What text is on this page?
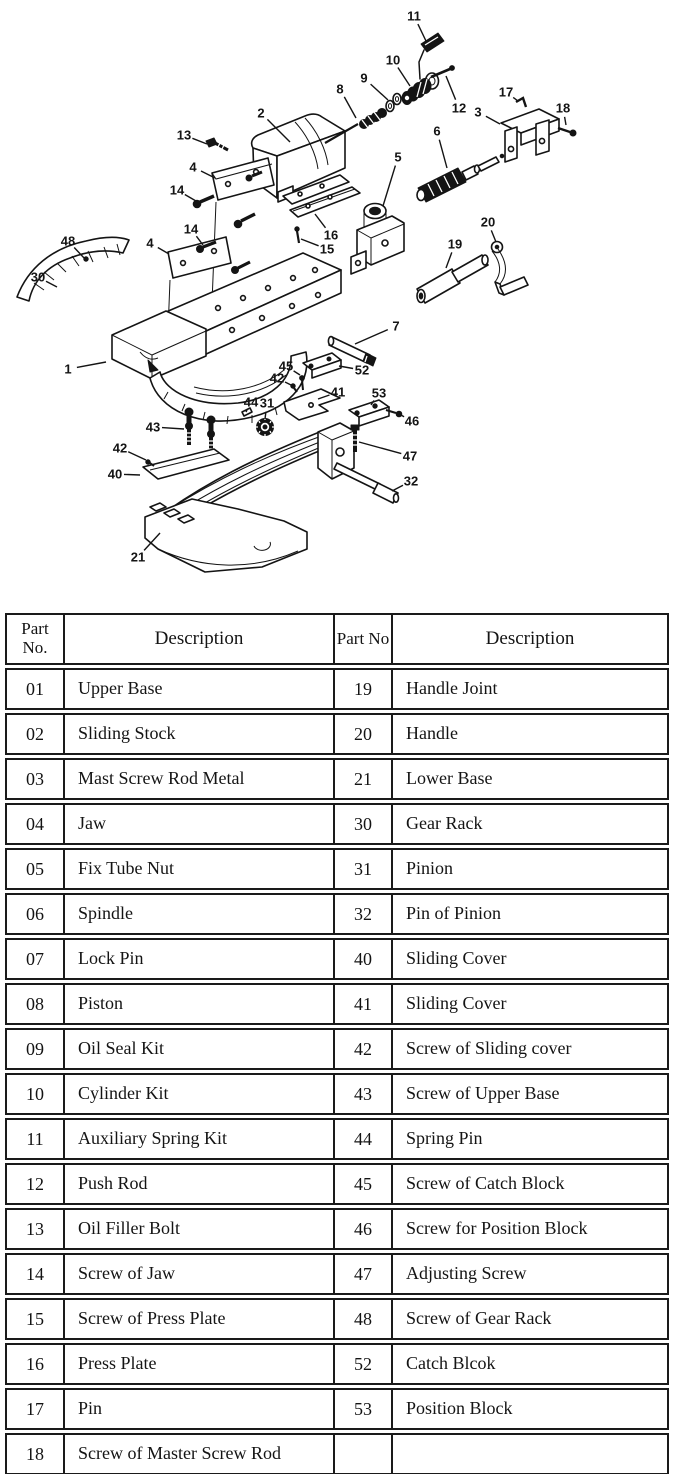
11
10
9
8
12
17
3	18
2
13	6
5
4
14
16
15
14
4
48
30
20
19
7
1	45	52
42
41 53
44 31
46
43
47
42
40	32
21
Part No.	Description	Part No	Description
01	Upper Base	19	Handle Joint
02	Sliding Stock	20	Handle
03	Mast Screw Rod Metal	21	Lower Base
04	Jaw	30	Gear Rack
05	Fix Tube Nut	31	Pinion
06	Spindle	32	Pin of Pinion
07	Lock Pin	40	Sliding Cover
08	Piston	41	Sliding Cover
09	Oil Seal Kit	42	Screw of Sliding cover
10	Cylinder Kit	43	Screw of Upper Base
11	Auxiliary Spring Kit	44	Spring Pin
12	Push Rod	45	Screw of Catch Block
13	Oil Filler Bolt	46	Screw for Position Block
14	Screw of Jaw	47	Adjusting Screw
15	Screw of Press Plate	48	Screw of Gear Rack
16	Press Plate	52	Catch Blcok
17	Pin	53	Position Block
18	Screw of Master Screw Rod		
